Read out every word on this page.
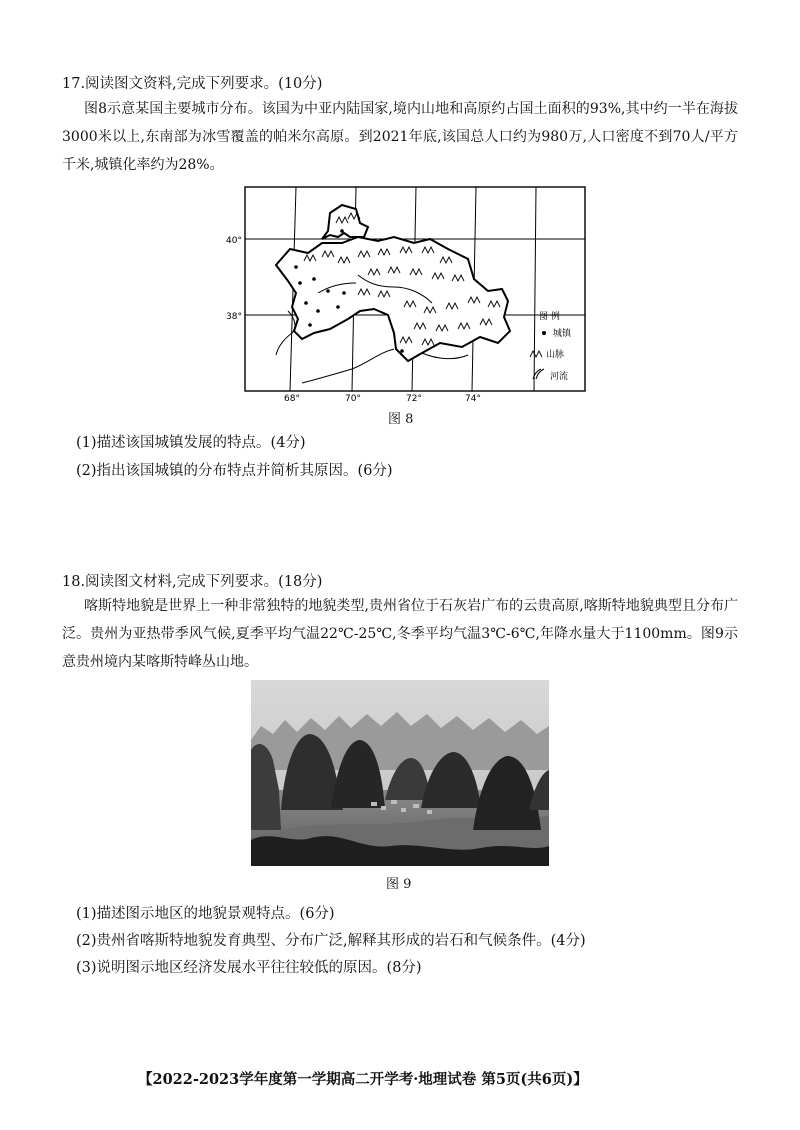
17.阅读图文资料,完成下列要求。(10分)
图8示意某国主要城市分布。该国为中亚内陆国家,境内山地和高原约占国土面积的93%,其中约一半在海拔3000米以上,东南部为冰雪覆盖的帕米尔高原。到2021年底,该国总人口约为980万,人口密度不到70人/平方千米,城镇化率约为28%。
40°
38°
68°	70°	72°	74°
图 例
城镇
山脉
河流
图 8
(1)描述该国城镇发展的特点。(4分)
(2)指出该国城镇的分布特点并简析其原因。(6分)
18.阅读图文材料,完成下列要求。(18分)
喀斯特地貌是世界上一种非常独特的地貌类型,贵州省位于石灰岩广布的云贵高原,喀斯特地貌典型且分布广泛。贵州为亚热带季风气候,夏季平均气温22℃-25℃,冬季平均气温3℃-6℃,年降水量大于1100mm。图9示意贵州境内某喀斯特峰丛山地。
图 9
(1)描述图示地区的地貌景观特点。(6分)
(2)贵州省喀斯特地貌发育典型、分布广泛,解释其形成的岩石和气候条件。(4分)
(3)说明图示地区经济发展水平往往较低的原因。(8分)
【2022-2023学年度第一学期高二开学考·地理试卷 第5页(共6页)】
